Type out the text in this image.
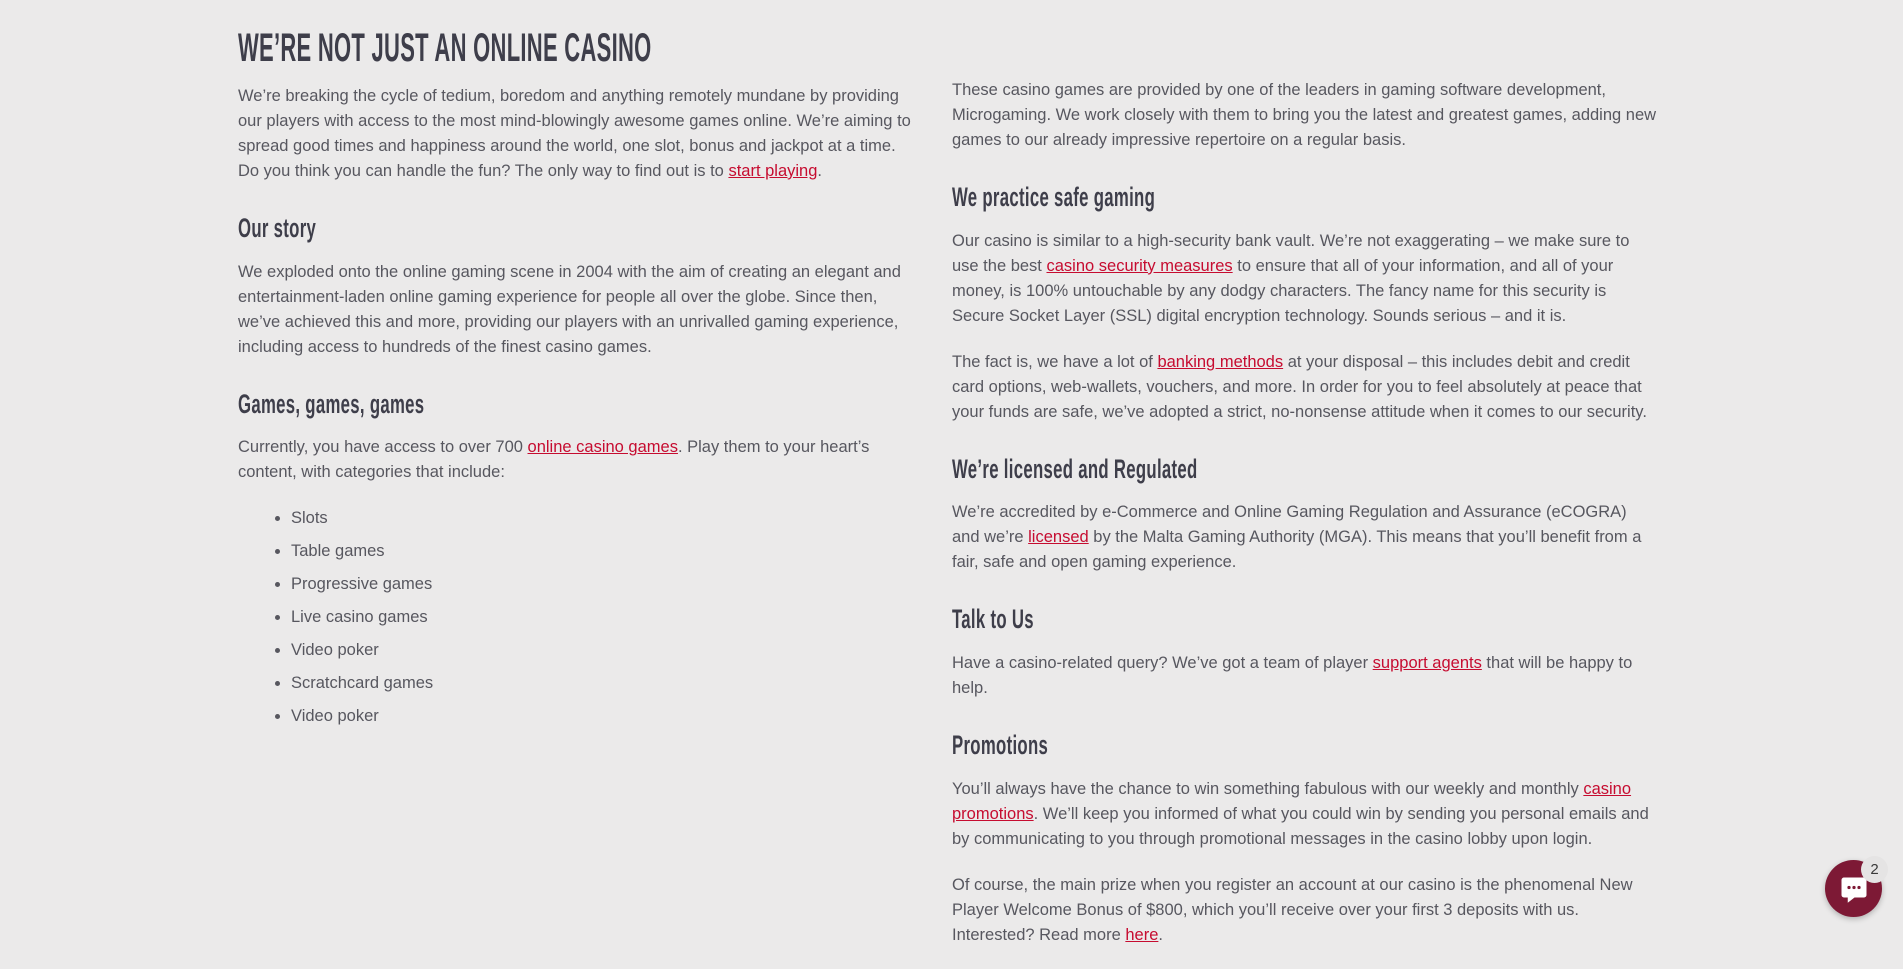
WE’RE NOT JUST AN ONLINE CASINO

We’re breaking the cycle of tedium, boredom and anything remotely mundane by providing our players with access to the most mind-blowingly awesome games online. We’re aiming to spread good times and happiness around the world, one slot, bonus and jackpot at a time. Do you think you can handle the fun? The only way to find out is to start playing.

Our story

We exploded onto the online gaming scene in 2004 with the aim of creating an elegant and entertainment-laden online gaming experience for people all over the globe. Since then, we’ve achieved this and more, providing our players with an unrivalled gaming experience, including access to hundreds of the finest casino games.

Games, games, games

Currently, you have access to over 700 online casino games. Play them to your heart’s content, with categories that include:

• Slots
• Table games
• Progressive games
• Live casino games
• Video poker
• Scratchcard games
• Video poker

These casino games are provided by one of the leaders in gaming software development, Microgaming. We work closely with them to bring you the latest and greatest games, adding new games to our already impressive repertoire on a regular basis.

We practice safe gaming

Our casino is similar to a high-security bank vault. We’re not exaggerating – we make sure to use the best casino security measures to ensure that all of your information, and all of your money, is 100% untouchable by any dodgy characters. The fancy name for this security is Secure Socket Layer (SSL) digital encryption technology. Sounds serious – and it is.

The fact is, we have a lot of banking methods at your disposal – this includes debit and credit card options, web-wallets, vouchers, and more. In order for you to feel absolutely at peace that your funds are safe, we’ve adopted a strict, no-nonsense attitude when it comes to our security.

We’re licensed and Regulated

We’re accredited by e-Commerce and Online Gaming Regulation and Assurance (eCOGRA) and we’re licensed by the Malta Gaming Authority (MGA). This means that you’ll benefit from a fair, safe and open gaming experience.

Talk to Us

Have a casino-related query? We’ve got a team of player support agents that will be happy to help.

Promotions

You’ll always have the chance to win something fabulous with our weekly and monthly casino promotions. We’ll keep you informed of what you could win by sending you personal emails and by communicating to you through promotional messages in the casino lobby upon login.

Of course, the main prize when you register an account at our casino is the phenomenal New Player Welcome Bonus of $800, which you’ll receive over your first 3 deposits with us. Interested? Read more here.

2
